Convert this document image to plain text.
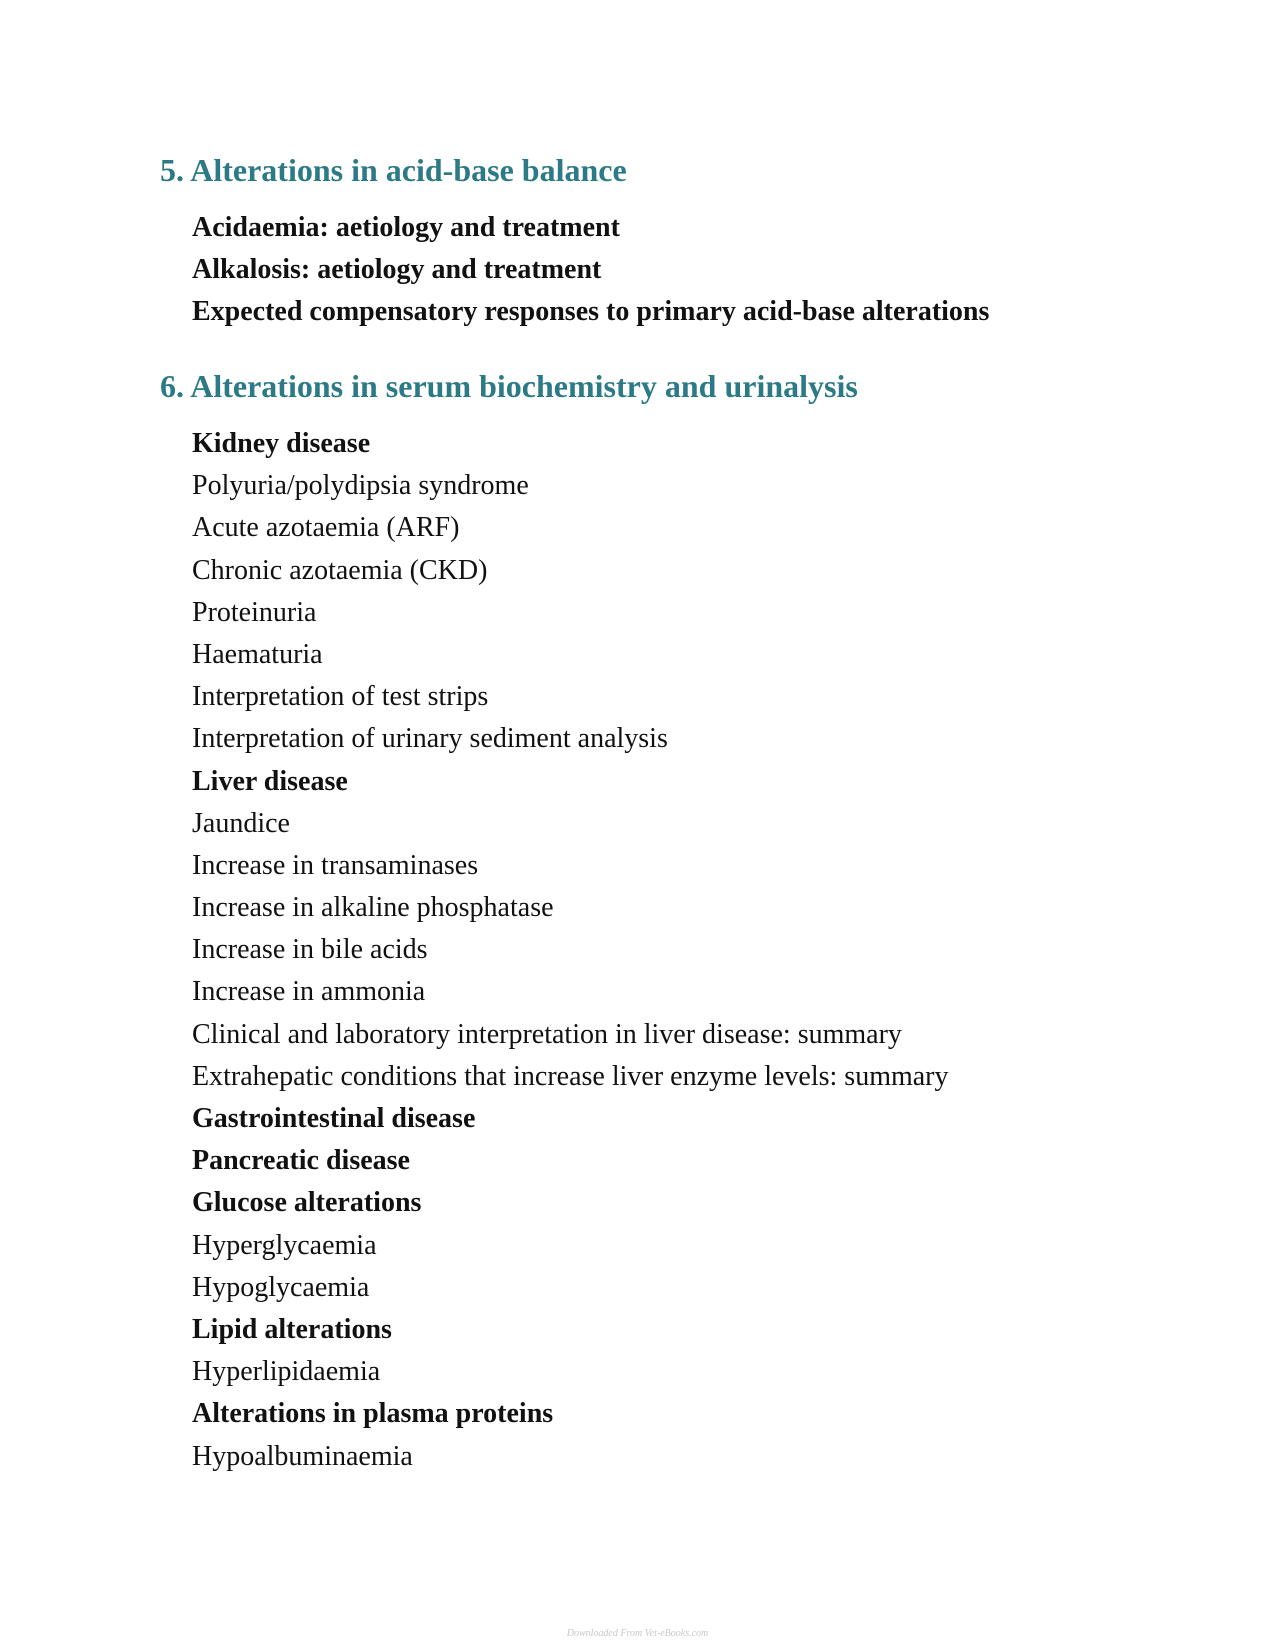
5. Alterations in acid-base balance
Acidaemia: aetiology and treatment
Alkalosis: aetiology and treatment
Expected compensatory responses to primary acid-base alterations
6. Alterations in serum biochemistry and urinalysis
Kidney disease
Polyuria/polydipsia syndrome
Acute azotaemia (ARF)
Chronic azotaemia (CKD)
Proteinuria
Haematuria
Interpretation of test strips
Interpretation of urinary sediment analysis
Liver disease
Jaundice
Increase in transaminases
Increase in alkaline phosphatase
Increase in bile acids
Increase in ammonia
Clinical and laboratory interpretation in liver disease: summary
Extrahepatic conditions that increase liver enzyme levels: summary
Gastrointestinal disease
Pancreatic disease
Glucose alterations
Hyperglycaemia
Hypoglycaemia
Lipid alterations
Hyperlipidaemia
Alterations in plasma proteins
Hypoalbuminaemia
Downloaded From Vet-eBooks.com
